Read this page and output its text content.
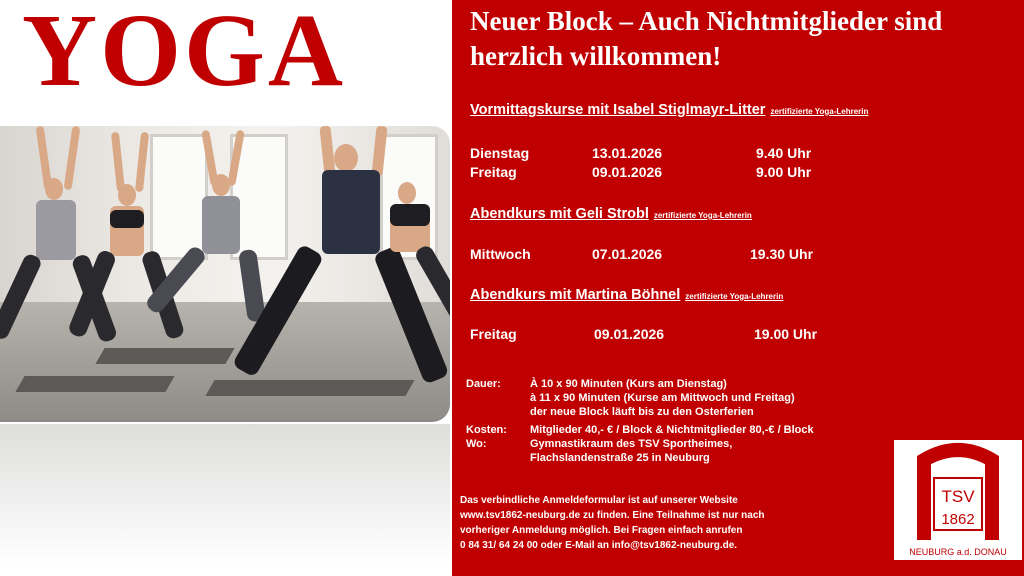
YOGA	Neuer Block – Auch Nichtmitglieder sind herzlich willkommen!
Vormittagskurse mit Isabel Stiglmayr-Litter zertifizierte Yoga-Lehrerin
Dienstag	13.01.2026	9.40 Uhr
Freitag	09.01.2026	9.00 Uhr
Abendkurs mit Geli Strobl zertifizierte Yoga-Lehrerin
Mittwoch	07.01.2026	19.30 Uhr
Abendkurs mit Martina Böhnel zertifizierte Yoga-Lehrerin
Freitag	09.01.2026	19.00 Uhr
Dauer:	À 10 x 90 Minuten (Kurs am Dienstag)
à 11 x 90 Minuten (Kurse am Mittwoch und Freitag)
der neue Block läuft bis zu den Osterferien
Kosten: Mitglieder 40,- € / Block & Nichtmitglieder 80,-€ / Block
Wo:	Gymnastikraum des TSV Sportheimes,
Flachslandenstraße 25 in Neuburg
Das verbindliche Anmeldeformular ist auf unserer Website
www.tsv1862-neuburg.de zu finden. Eine Teilnahme ist nur nach
vorheriger Anmeldung möglich. Bei Fragen einfach anrufen
0 84 31/ 64 24 00 oder E-Mail an info@tsv1862-neuburg.de.
TSV
1862
NEUBURG a.d. DONAU
